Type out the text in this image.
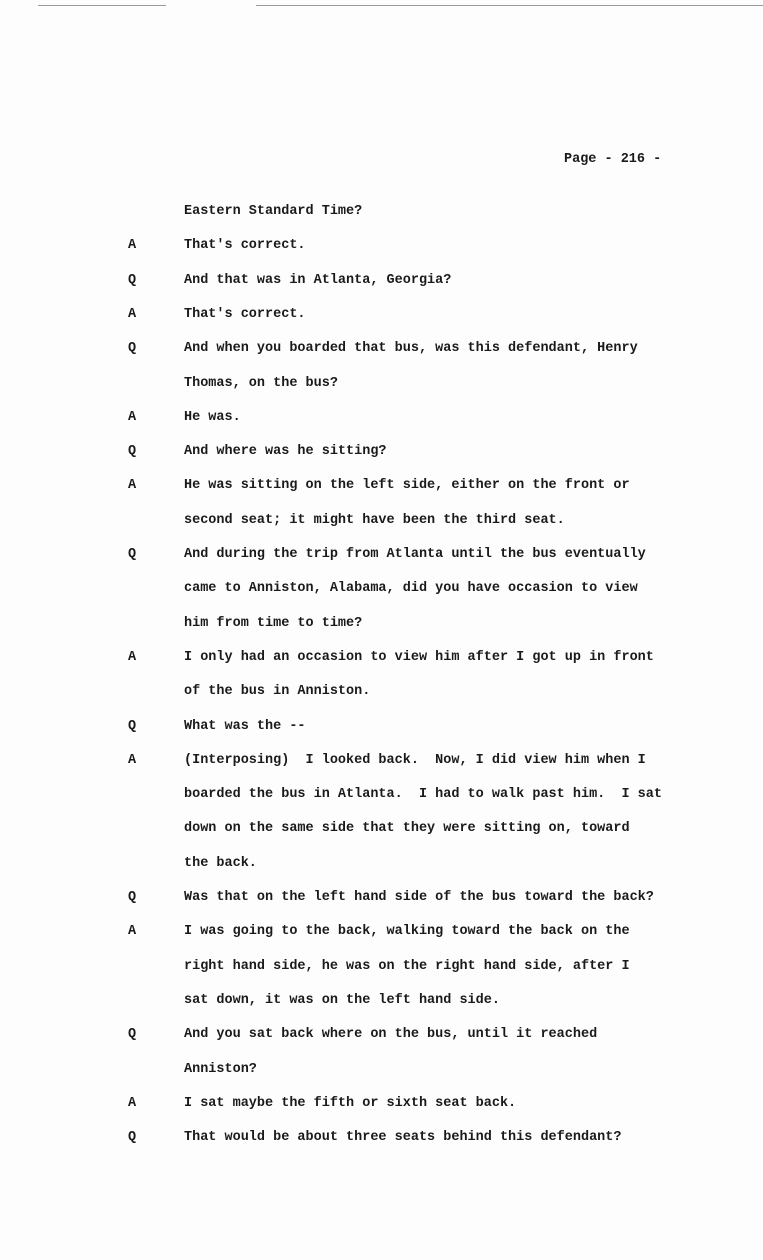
Page - 216 -
Eastern Standard Time?
A	That's correct.
Q	And that was in Atlanta, Georgia?
A	That's correct.
Q	And when you boarded that bus, was this defendant, Henry
Thomas, on the bus?
A	He was.
Q	And where was he sitting?
A	He was sitting on the left side, either on the front or
second seat; it might have been the third seat.
Q	And during the trip from Atlanta until the bus eventually
came to Anniston, Alabama, did you have occasion to view
him from time to time?
A	I only had an occasion to view him after I got up in front
of the bus in Anniston.
Q	What was the --
A	(Interposing)  I looked back.  Now, I did view him when I
boarded the bus in Atlanta.  I had to walk past him.  I sat
down on the same side that they were sitting on, toward
the back.
Q	Was that on the left hand side of the bus toward the back?
A	I was going to the back, walking toward the back on the
right hand side, he was on the right hand side, after I
sat down, it was on the left hand side.
Q	And you sat back where on the bus, until it reached
Anniston?
A	I sat maybe the fifth or sixth seat back.
Q	That would be about three seats behind this defendant?
